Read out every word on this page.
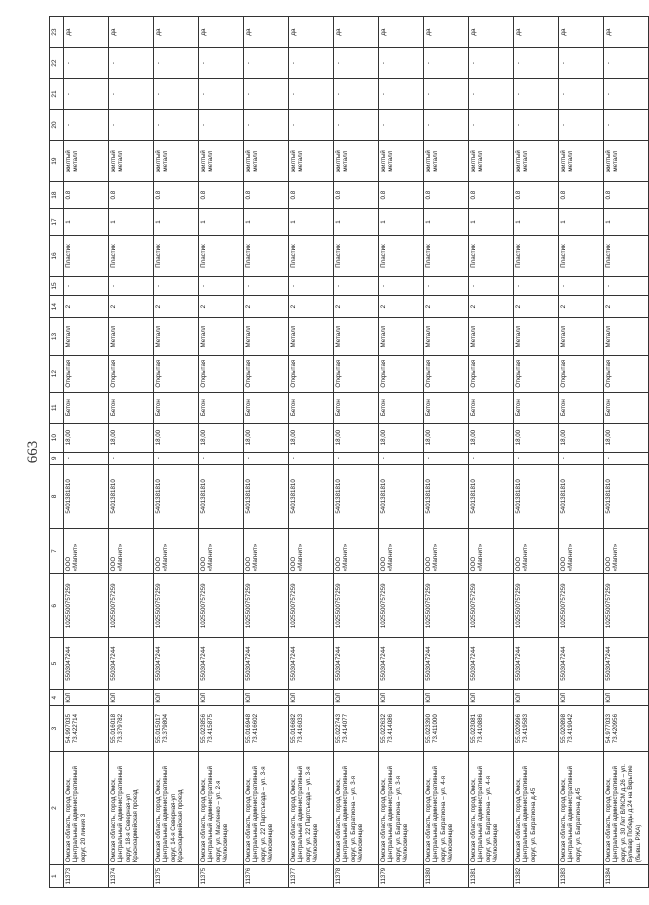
663
1	2	3	4	5	6	7	8	9	10	11	12	13	14	15	16	17	18	19	20	21	22	23
11373	Омская область, город Омск, Центральный административный округ, 20 линия 3	54.997035 73.422714	ЮЛ	5503047244	1025500757259	ООО «Магнит»	5401381810	-	18,00	Бетон	Открытая	Металл	2	-	Пластик	1	0.8	жилтый металл	-	-	-	да
11374	Омская область, город Омск, Центральный административный округ, 18-я Северная-ул Красноармейская проезд	55.016018 73.379782	ЮЛ	5503047244	1025500757259	ООО «Магнит»	5401381810	-	18,00	Бетон	Открытая	Металл	2	-	Пластик	1	0.8	жилтый металл	-	-	-	да
11375	Омская область, город Омск, Центральный административный округ, 14-я Северная-ул Красноармейская проезд	55.015017 73.379804	ЮЛ	5503047244	1025500757259	ООО «Магнит»	5401381810	-	18,00	Бетон	Открытая	Металл	2	-	Пластик	1	0.8	жилтый металл	-	-	-	да
11375	Омская область, город Омск, Центральный административный округ, ул. Масленко – ул. 2-я Челюскинцев	55.023856 73.415875	ЮЛ	5503047244	1025500757259	ООО «Магнит»	5401381810	-	18,00	Бетон	Открытая	Металл	2	-	Пластик	1	0.8	жилтый металл	-	-	-	да
11376	Омская область, город Омск, Центральный административный округ, ул. 22 Партсъезда – ул. 3-я Челюскинцев	55.016948 73.416602	ЮЛ	5503047244	1025500757259	ООО «Магнит»	5401381810	-	18,00	Бетон	Открытая	Металл	2	-	Пластик	1	0.8	жилтый металл	-	-	-	да
11377	Омская область, город Омск, Центральный административный округ, ул. 22 Партсъезда – ул. 3-я Челюскинцев	55.016682 73.416033	ЮЛ	5503047244	1025500757259	ООО «Магнит»	5401381810	-	18,00	Бетон	Открытая	Металл	2	-	Пластик	1	0.8	жилтый металл	-	-	-	да
11378	Омская область, город Омск, Центральный административный округ, ул. Багратиона – ул. 3-я Челюскинцев	55.022743 73.414077	ЮЛ	5503047244	1025500757259	ООО «Магнит»	5401381810	-	18,00	Бетон	Открытая	Металл	2	-	Пластик	1	0.8	жилтый металл	-	-	-	да
11379	Омская область, город Омск, Центральный административный округ, ул. Багратиона – ул. 3-я Челюскинцев	55.022632 73.414086	ЮЛ	5503047244	1025500757259	ООО «Магнит»	5401381810	-	18,00	Бетон	Открытая	Металл	2	-	Пластик	1	0.8	жилтый металл	-	-	-	да
11380	Омская область, город Омск, Центральный административный округ, ул. Багратиона – ул. 4-я Челюскинцев	55.023390 73.411000	ЮЛ	5503047244	1025500757259	ООО «Магнит»	5401381810	-	18,00	Бетон	Открытая	Металл	2	-	Пластик	1	0.8	жилтый металл	-	-	-	да
11381	Омская область, город Омск, Центральный административный округ, ул. Багратиона – ул. 4-я Челюскинцев	55.023081 73.410886	ЮЛ	5503047244	1025500757259	ООО «Магнит»	5401381810	-	18,00	Бетон	Открытая	Металл	2	-	Пластик	1	0.8	жилтый металл	-	-	-	да
11382	Омская область, город Омск, Центральный административный округ, ул. Багратиона д.45	55.020996 73.419583	ЮЛ	5503047244	1025500757259	ООО «Магнит»	5401381810	-	18,00	Бетон	Открытая	Металл	2	-	Пластик	1	0.8	жилтый металл	-	-	-	да
11383	Омская область, город Омск, Центральный административный округ, ул. Багратиона д.45	55.020898 73.419042	ЮЛ	5503047244	1025500757259	ООО «Магнит»	5401381810	-	18,00	Бетон	Открытая	Металл	2	-	Пластик	1	0.8	жилтый металл	-	-	-	да
11384	Омская область, город Омск, Центральный административный округ, ул. 30 Лет ВЛКСМ д.26 – ул. Бульвар Победы д.24 на Вкрытие (бывш. РЖА)	54.977033 73.420956	ЮЛ	5503047244	1025500757259	ООО «Магнит»	5401381810	-	18,00	Бетон	Открытая	Металл	2	-	Пластик	1	0.8	жилтый металл	-	-	-	да
